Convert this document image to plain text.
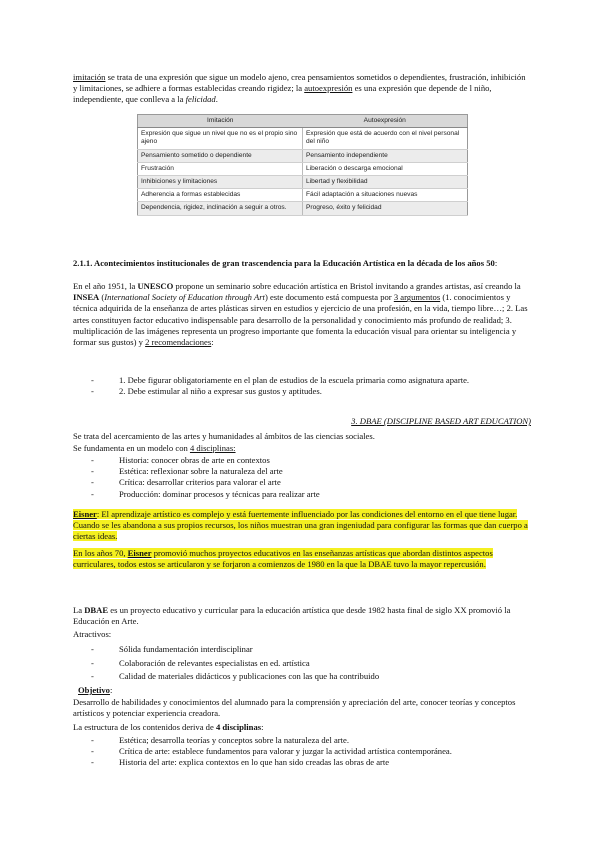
imitación se trata de una expresión que sigue un modelo ajeno, crea pensamientos sometidos o dependientes, frustración, inhibición y limitaciones, se adhiere a formas establecidas creando rigidez; la autoexpresión es una expresión que depende de l niño, independiente, que conlleva a la felicidad.

Imitación	Autoexpresión
Expresión que sigue un nivel que no es el propio sino ajeno	Expresión que está de acuerdo con el nivel personal del niño
Pensamiento sometido o dependiente	Pensamiento independiente
Frustración	Liberación o descarga emocional
Inhibiciones y limitaciones	Libertad y flexibilidad
Adherencia a formas establecidas	Fácil adaptación a situaciones nuevas
Dependencia, rigidez, inclinación a seguir a otros.	Progreso, éxito y felicidad

2.1.1. Acontecimientos institucionales de gran trascendencia para la Educación Artística en la década de los años 50:

En el año 1951, la UNESCO propone un seminario sobre educación artística en Bristol invitando a grandes artistas, así creando la INSEA (International Society of Education through Art) este documento está compuesta por 3 argumentos (1. conocimientos y técnica adquirida de la enseñanza de artes plásticas sirven en estudios y ejercicio de una profesión, en la vida, tiempo libre…; 2. Las artes constituyen factor educativo indispensable para desarrollo de la personalidad y conocimiento más profundo de realidad; 3. multiplicación de las imágenes representa un progreso importante que fomenta la educación visual para orientar su inteligencia y formar sus gustos) y 2 recomendaciones:

- 1. Debe figurar obligatoriamente en el plan de estudios de la escuela primaria como asignatura aparte.
- 2. Debe estimular al niño a expresar sus gustos y aptitudes.
3. DBAE (DISCIPLINE BASED ART EDUCATION)

Se trata del acercamiento de las artes y humanidades al ámbitos de las ciencias sociales.

Se fundamenta en un modelo con 4 disciplinas:

- Historia: conocer obras de arte en contextos
- Estética: reflexionar sobre la naturaleza del arte
- Crítica: desarrollar criterios para valorar el arte
- Producción: dominar procesos y técnicas para realizar arte

Eisner: El aprendizaje artístico es complejo y está fuertemente influenciado por las condiciones del entorno en el que tiene lugar. Cuando se les abandona a sus propios recursos, los niños muestran una gran ingeniudad para configurar las formas que dan cuerpo a ciertas ideas.

En los años 70, Eisner promovió muchos proyectos educativos en las enseñanzas artísticas que abordan distintos aspectos curriculares, todos estos se articularon y se forjaron a comienzos de 1980 en la que la DBAE tuvo la mayor repercusión.

La DBAE es un proyecto educativo y curricular para la educación artística que desde 1982 hasta final de siglo XX promovió la Educación en Arte.

Atractivos:

- Sólida fundamentación interdisciplinar
- Colaboración de relevantes especialistas en ed. artística
- Calidad de materiales didácticos y publicaciones con las que ha contribuido

Objetivo:

Desarrollo de habilidades y conocimientos del alumnado para la comprensión y apreciación del arte, conocer teorías y conceptos artísticos y potenciar experiencia creadora.

La estructura de los contenidos deriva de 4 disciplinas:

- Estética; desarrolla teorías y conceptos sobre la naturaleza del arte.
- Crítica de arte: establece fundamentos para valorar y juzgar la actividad artística contemporánea.
- Historia del arte: explica contextos en lo que han sido creadas las obras de arte
